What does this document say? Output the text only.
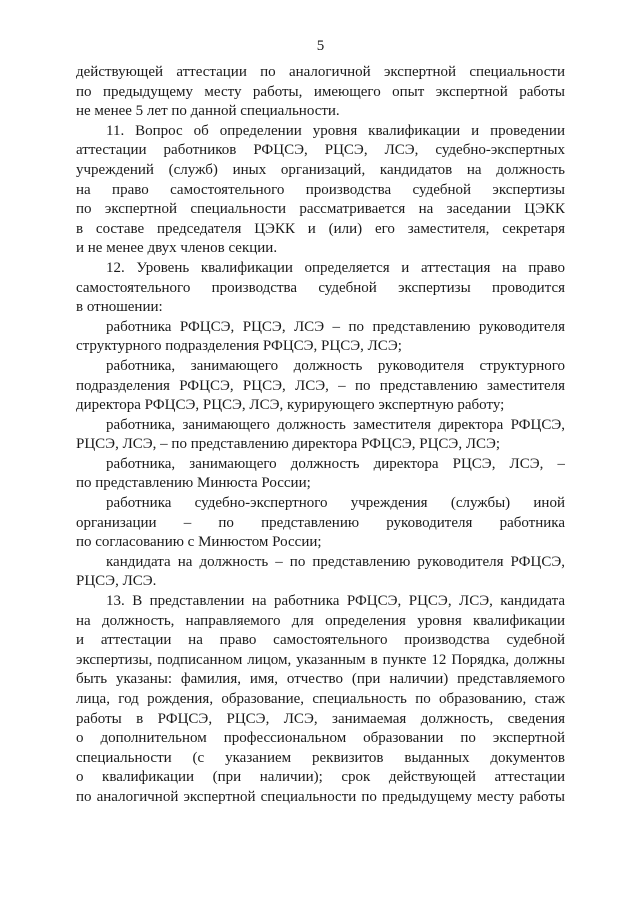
5
действующей аттестации по аналогичной экспертной специальности
по предыдущему месту работы, имеющего опыт экспертной работы
не менее 5 лет по данной специальности.
11. Вопрос об определении уровня квалификации и проведении
аттестации работников РФЦСЭ, РЦСЭ, ЛСЭ, судебно-экспертных
учреждений (служб) иных организаций, кандидатов на должность
на право самостоятельного производства судебной экспертизы
по экспертной специальности рассматривается на заседании ЦЭКК
в составе председателя ЦЭКК и (или) его заместителя, секретаря
и не менее двух членов секции.
12. Уровень квалификации определяется и аттестация на право
самостоятельного производства судебной экспертизы проводится
в отношении:
работника РФЦСЭ, РЦСЭ, ЛСЭ – по представлению руководителя
структурного подразделения РФЦСЭ, РЦСЭ, ЛСЭ;
работника, занимающего должность руководителя структурного
подразделения РФЦСЭ, РЦСЭ, ЛСЭ, – по представлению заместителя
директора РФЦСЭ, РЦСЭ, ЛСЭ, курирующего экспертную работу;
работника, занимающего должность заместителя директора РФЦСЭ,
РЦСЭ, ЛСЭ, – по представлению директора РФЦСЭ, РЦСЭ, ЛСЭ;
работника, занимающего должность директора РЦСЭ, ЛСЭ, –
по представлению Минюста России;
работника судебно-экспертного учреждения (службы) иной
организации – по представлению руководителя работника
по согласованию с Минюстом России;
кандидата на должность – по представлению руководителя РФЦСЭ,
РЦСЭ, ЛСЭ.
13. В представлении на работника РФЦСЭ, РЦСЭ, ЛСЭ, кандидата
на должность, направляемого для определения уровня квалификации
и аттестации на право самостоятельного производства судебной
экспертизы, подписанном лицом, указанным в пункте 12 Порядка, должны
быть указаны: фамилия, имя, отчество (при наличии) представляемого
лица, год рождения, образование, специальность по образованию, стаж
работы в РФЦСЭ, РЦСЭ, ЛСЭ, занимаемая должность, сведения
о дополнительном профессиональном образовании по экспертной
специальности (с указанием реквизитов выданных документов
о квалификации (при наличии); срок действующей аттестации
по аналогичной экспертной специальности по предыдущему месту работы
